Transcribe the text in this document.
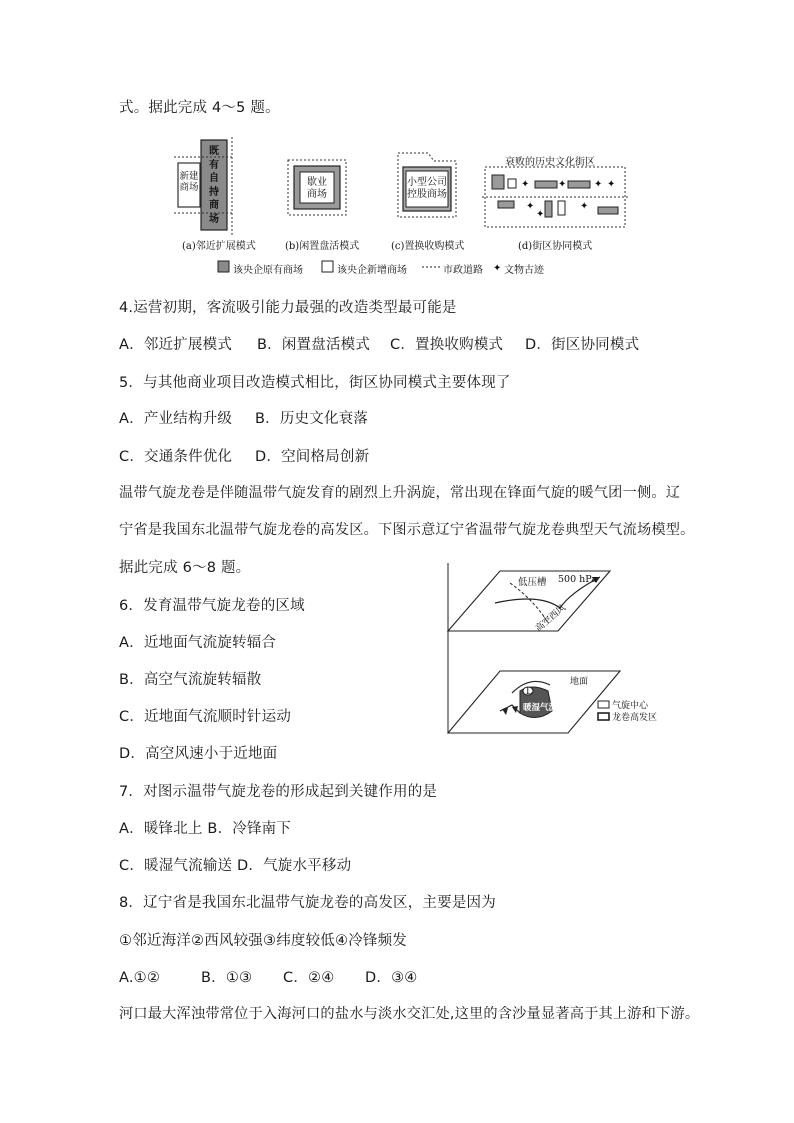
式。据此完成 4～5 题。
✦	✦	✦ ✦
✦
✦
✦
✦
新建
商场
既
有
自
持
商
场
歇业
商场
小型公司
控股商场
衰败的历史文化街区
(a)邻近扩展模式	(b)闲置盘活模式	(c)置换收购模式	(d)街区协同模式
该央企原有商场	该央企新增商场	市政道路 文物古迹
4.运营初期，客流吸引能力最强的改造类型最可能是
A．邻近扩展模式 B．闲置盘活模式 C．置换收购模式 D．街区协同模式
5．与其他商业项目改造模式相比，街区协同模式主要体现了
A．产业结构升级 B．历史文化衰落
C．交通条件优化 D．空间格局创新
温带气旋龙卷是伴随温带气旋发育的剧烈上升涡旋，常出现在锋面气旋的暖气团一侧。辽
宁省是我国东北温带气旋龙卷的高发区。下图示意辽宁省温带气旋龙卷典型天气流场模型。
据此完成 6～8 题。
L
低压槽 500 hPa
高空西风
地面
暖湿气流	气旋中心
龙卷高发区
6．发育温带气旋龙卷的区域
A．近地面气流旋转辐合
B．高空气流旋转辐散
C．近地面气流顺时针运动
D．高空风速小于近地面
7．对图示温带气旋龙卷的形成起到关键作用的是
A．暖锋北上 B．冷锋南下
C．暖湿气流输送 D．气旋水平移动
8．辽宁省是我国东北温带气旋龙卷的高发区，主要是因为
①邻近海洋②西风较强③纬度较低④冷锋频发
A.①②	B．①③ C．②④ D．③④
河口最大浑浊带常位于入海河口的盐水与淡水交汇处,这里的含沙量显著高于其上游和下游。
